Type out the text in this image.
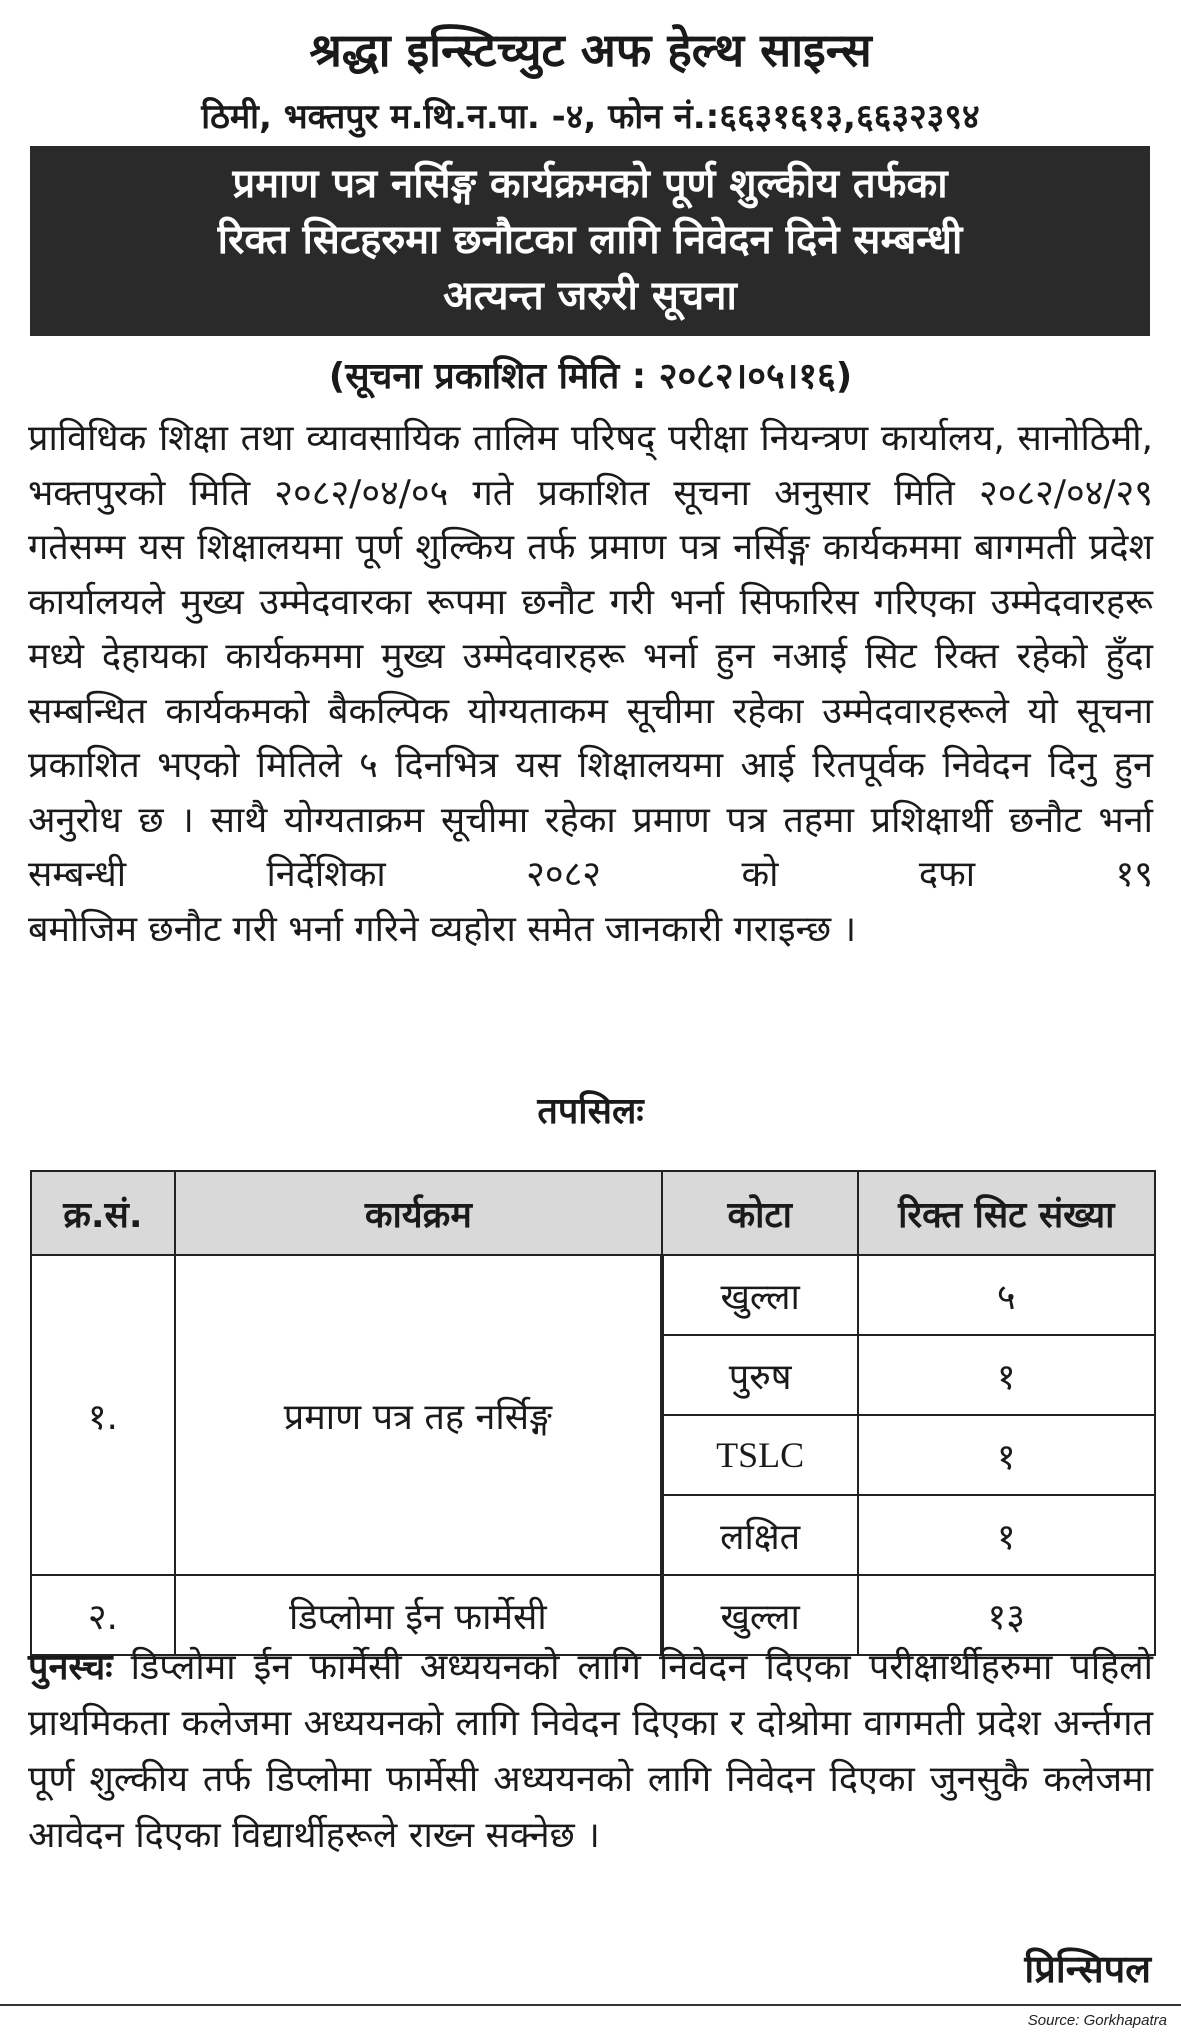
श्रद्धा इन्स्टिच्युट अफ हेल्थ साइन्स
ठिमी, भक्तपुर म.थि.न.पा. -४, फोन नं.:६६३१६१३,६६३२३९४
प्रमाण पत्र नर्सिङ्ग कार्यक्रमको पूर्ण शुल्कीय तर्फका
रिक्त सिटहरुमा छनौटका लागि निवेदन दिने सम्बन्धी
अत्यन्त जरुरी सूचना
(सूचना प्रकाशित मिति : २०८२।०५।१६)

प्राविधिक शिक्षा तथा व्यावसायिक तालिम परिषद् परीक्षा नियन्त्रण कार्यालय, सानोठिमी, भक्तपुरको मिति २०८२/०४/०५ गते प्रकाशित सूचना अनुसार मिति २०८२/०४/२९ गतेसम्म यस शिक्षालयमा पूर्ण शुल्किय तर्फ प्रमाण पत्र नर्सिङ्ग कार्यकममा बागमती प्रदेश कार्यालयले मुख्य उम्मेदवारका रूपमा छनौट गरी भर्ना सिफारिस गरिएका उम्मेदवारहरू मध्ये देहायका कार्यकममा मुख्य उम्मेदवारहरू भर्ना हुन नआई सिट रिक्त रहेको हुँदा सम्बन्धित कार्यकमको बैकल्पिक योग्यताकम सूचीमा रहेका उम्मेदवारहरूले यो सूचना प्रकाशित भएको मितिले ५ दिनभित्र यस शिक्षालयमा आई रितपूर्वक निवेदन दिनु हुन अनुरोध छ । साथै योग्यताक्रम सूचीमा रहेका प्रमाण पत्र तहमा प्रशिक्षार्थी छनौट भर्ना सम्बन्धी निर्देशिका २०८२ को दफा १९
बमोजिम छनौट गरी भर्ना गरिने व्यहोरा समेत जानकारी गराइन्छ ।

तपसिलः
क्र.सं.	कार्यक्रम	कोटा	रिक्त सिट संख्या
१.	प्रमाण पत्र तह नर्सिङ्ग	खुल्ला	५
		पुरुष	१
		TSLC	१
		लक्षित	१
२.	डिप्लोमा ईन फार्मेसी	खुल्ला	१३

पुनस्चः डिप्लोमा ईन फार्मेसी अध्ययनको लागि निवेदन दिएका परीक्षार्थीहरुमा पहिलो प्राथमिकता कलेजमा अध्ययनको लागि निवेदन दिएका र दोश्रोमा वागमती प्रदेश अर्न्तगत पूर्ण शुल्कीय तर्फ डिप्लोमा फार्मेसी अध्ययनको लागि निवेदन दिएका जुनसुकै कलेजमा
आवेदन दिएका विद्यार्थीहरूले राख्न सक्नेछ ।

प्रिन्सिपल
Source: Gorkhapatra
